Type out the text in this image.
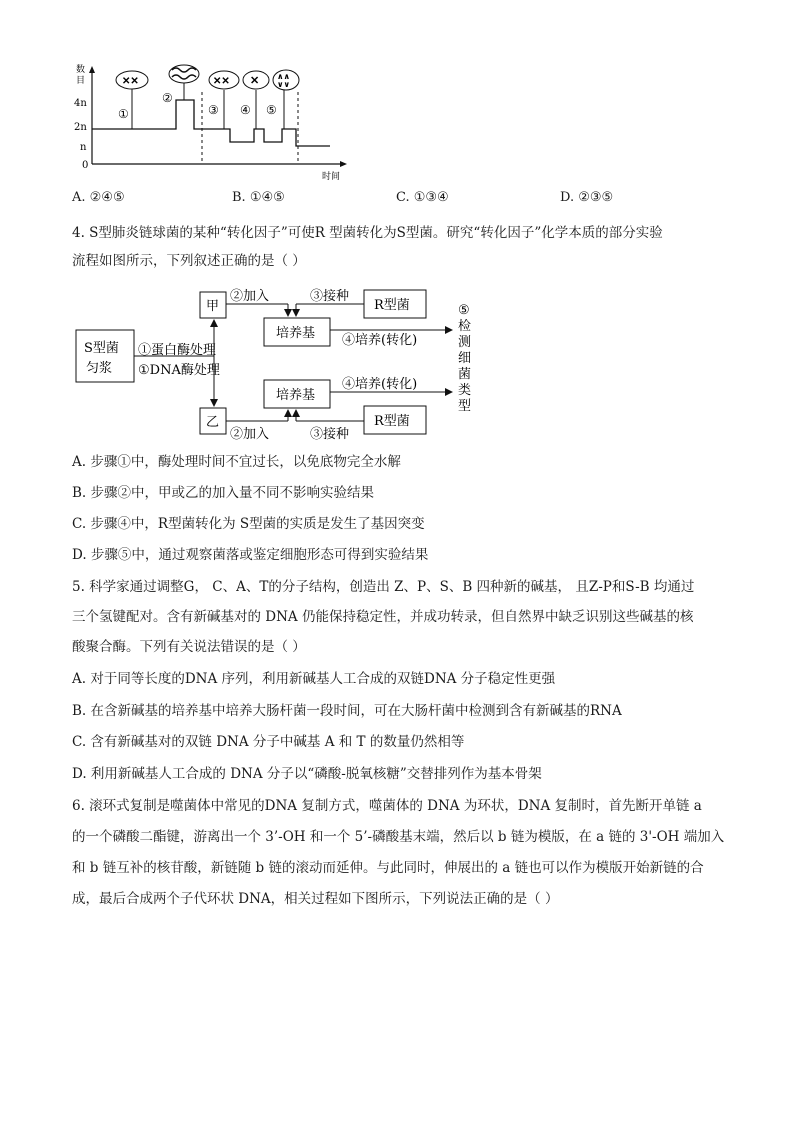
数
目
4n
2n
n
0
时间
✕✕	✕✕ ✕ ∧∧
∨∨
①
②
③ ④ ⑤
A. ②④⑤	B. ①④⑤	C. ①③④	D. ②③⑤
4. S型肺炎链球菌的某种“转化因子”可使R 型菌转化为S型菌。研究“转化因子”化学本质的部分实验
流程如图所示，下列叙述正确的是（ ）
S型菌
匀浆
①蛋白酶处理
①DNA酶处理
甲
乙
②加入	③接种
R型菌
培养基 ④培养(转化)
培养基
④培养(转化)
②加入	③接种
R型菌
⑤
检
测
细
菌
类
型
A. 步骤①中，酶处理时间不宜过长，以免底物完全水解
B. 步骤②中，甲或乙的加入量不同不影响实验结果
C. 步骤④中，R型菌转化为 S型菌的实质是发生了基因突变
D. 步骤⑤中，通过观察菌落或鉴定细胞形态可得到实验结果
5. 科学家通过调整G， C、A、T的分子结构，创造出 Z、P、S、B 四种新的碱基， 且Z-P和S-B 均通过
三个氢键配对。含有新碱基对的 DNA 仍能保持稳定性，并成功转录，但自然界中缺乏识别这些碱基的核
酸聚合酶。下列有关说法错误的是（ ）
A. 对于同等长度的DNA 序列，利用新碱基人工合成的双链DNA 分子稳定性更强
B. 在含新碱基的培养基中培养大肠杆菌一段时间，可在大肠杆菌中检测到含有新碱基的RNA
C. 含有新碱基对的双链 DNA 分子中碱基 A 和 T 的数量仍然相等
D. 利用新碱基人工合成的 DNA 分子以“磷酸-脱氧核糖”交替排列作为基本骨架
6. 滚环式复制是噬菌体中常见的DNA 复制方式，噬菌体的 DNA 为环状，DNA 复制时，首先断开单链 a
的一个磷酸二酯键，游离出一个 3’-OH 和一个 5’-磷酸基末端，然后以 b 链为模版，在 a 链的 3'-OH 端加入
和 b 链互补的核苷酸，新链随 b 链的滚动而延伸。与此同时，伸展出的 a 链也可以作为模版开始新链的合
成，最后合成两个子代环状 DNA，相关过程如下图所示，下列说法正确的是（ ）
